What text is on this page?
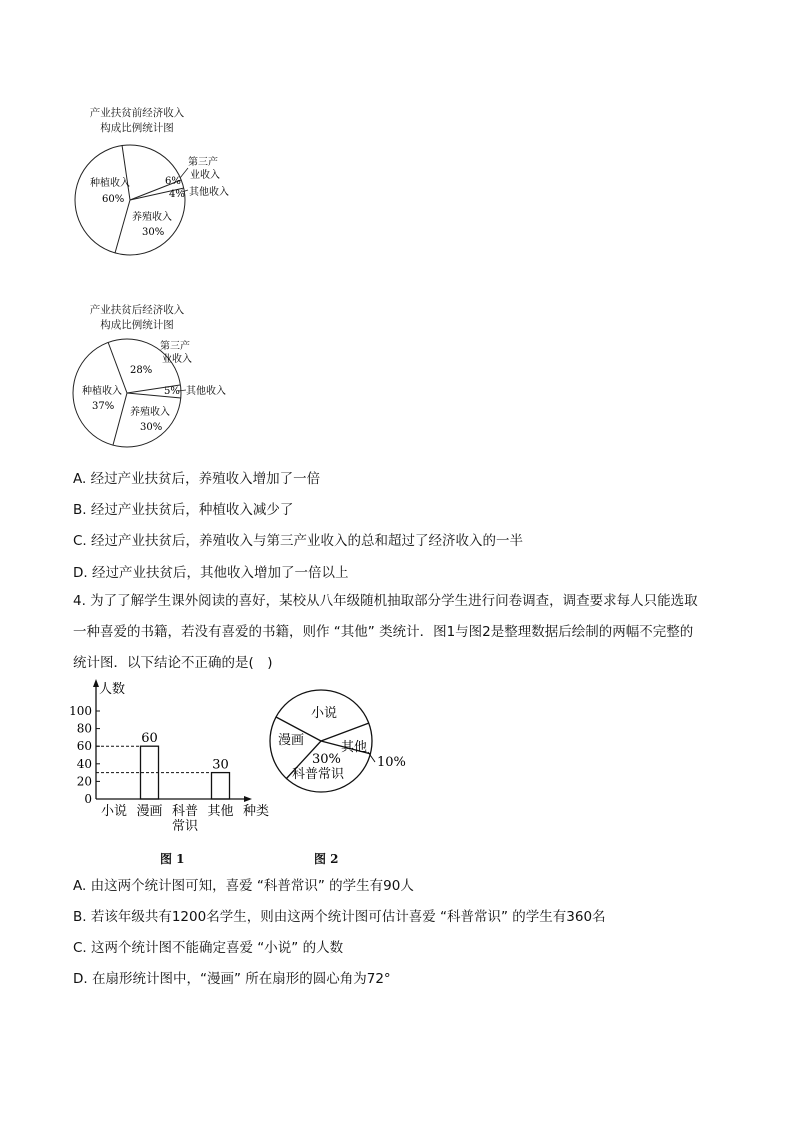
产业扶贫前经济收入
构成比例统计图
种植收入
60%
第三产
业收入
6%
4% 其他收入
养殖收入
30%
产业扶贫后经济收入
构成比例统计图
28%
第三产
业收入
5% 其他收入
养殖收入
30%
种植收入
37%
A. 经过产业扶贫后，养殖收入增加了一倍
B. 经过产业扶贫后，种植收入减少了
C. 经过产业扶贫后，养殖收入与第三产业收入的总和超过了经济收入的一半
D. 经过产业扶贫后，其他收入增加了一倍以上
4. 为了了解学生课外阅读的喜好，某校从八年级随机抽取部分学生进行问卷调查，调查要求每人只能选取
一种喜爱的书籍，若没有喜爱的书籍，则作 “其他” 类统计．图1与图2是整理数据后绘制的两幅不完整的
统计图．以下结论不正确的是(　)
人数
种类
0
20
40
60
80
100
小说 漫画 科普
常识
其他
60
30
图 1
小说
其他
10%
30%
科普常识
漫画
图 2
A. 由这两个统计图可知，喜爱 “科普常识” 的学生有90人
B. 若该年级共有1200名学生，则由这两个统计图可估计喜爱 “科普常识” 的学生有360名
C. 这两个统计图不能确定喜爱 “小说” 的人数
D. 在扇形统计图中，“漫画” 所在扇形的圆心角为72°
